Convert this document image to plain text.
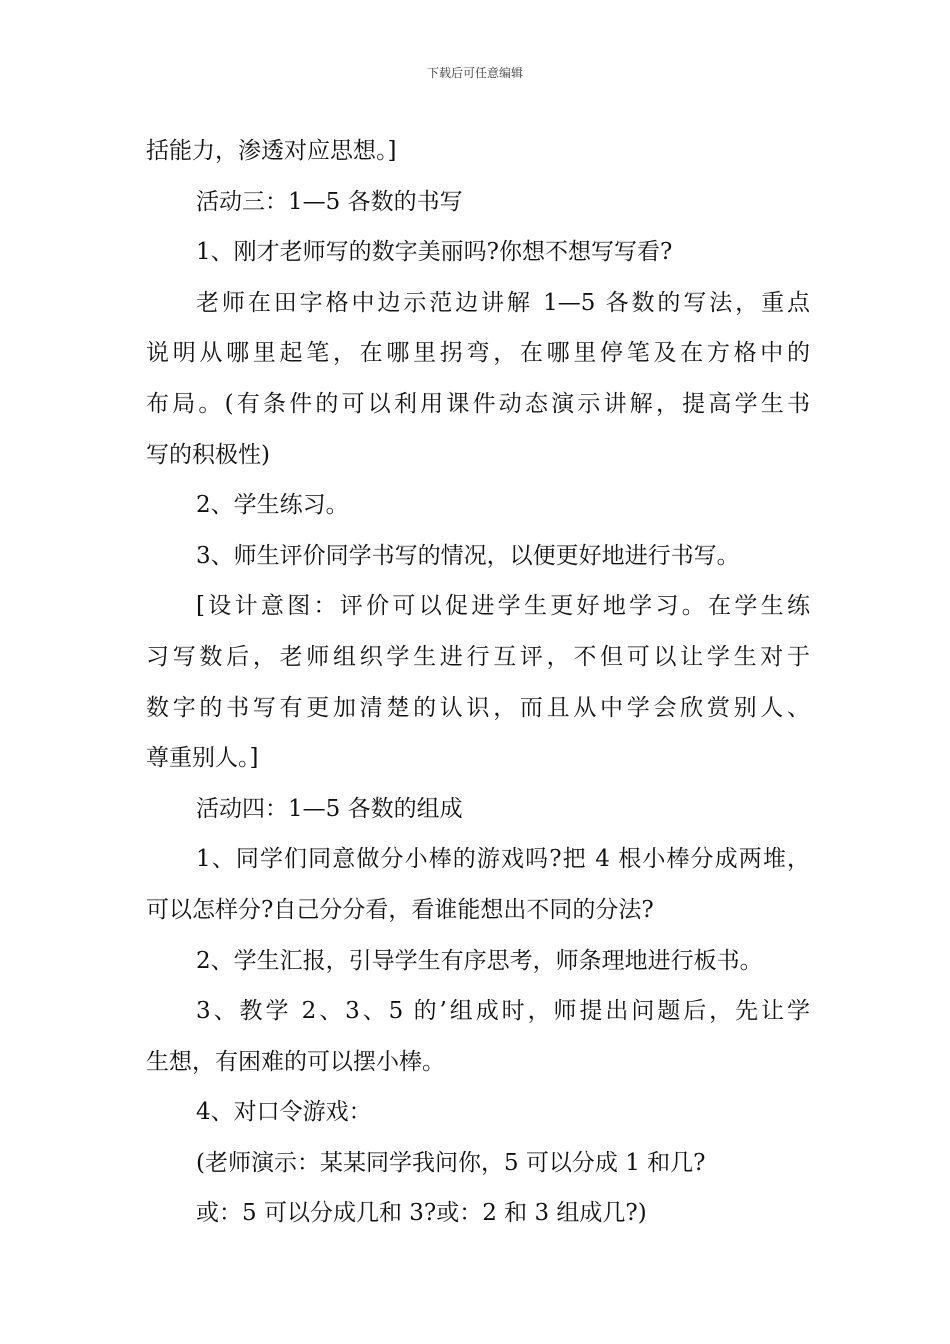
下载后可任意编辑
括能力，渗透对应思想。]
活动三：1—5 各数的书写
1、刚才老师写的数字美丽吗?你想不想写写看?
老师在田字格中边示范边讲解 1—5 各数的写法，重点
说明从哪里起笔，在哪里拐弯，在哪里停笔及在方格中的
布局。(有条件的可以利用课件动态演示讲解，提高学生书
写的积极性)
2、学生练习。
3、师生评价同学书写的情况，以便更好地进行书写。
[设计意图：评价可以促进学生更好地学习。在学生练
习写数后，老师组织学生进行互评，不但可以让学生对于
数字的书写有更加清楚的认识，而且从中学会欣赏别人、
尊重别人。]
活动四：1—5 各数的组成
1、同学们同意做分小棒的游戏吗?把 4 根小棒分成两堆，
可以怎样分?自己分分看，看谁能想出不同的分法?
2、学生汇报，引导学生有序思考，师条理地进行板书。
3、教学 2、3、5 的’组成时，师提出问题后，先让学
生想，有困难的可以摆小棒。
4、对口令游戏：
(老师演示：某某同学我问你，5 可以分成 1 和几?
或：5 可以分成几和 3?或：2 和 3 组成几?)
